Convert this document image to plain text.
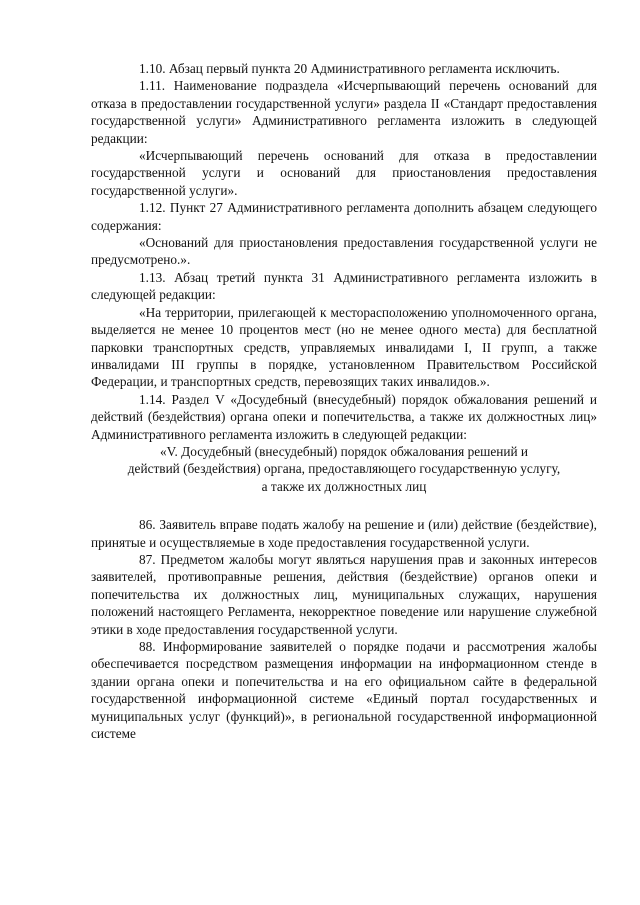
1.10. Абзац первый пункта 20 Административного регламента исключить.

1.11. Наименование подраздела «Исчерпывающий перечень оснований для отказа в предоставлении государственной услуги» раздела II «Стандарт предоставления государственной услуги» Административного регламента изложить в следующей редакции:

«Исчерпывающий перечень оснований для отказа в предоставлении государственной услуги и оснований для приостановления предоставления государственной услуги».

1.12. Пункт 27 Административного регламента дополнить абзацем следующего содержания:

«Оснований для приостановления предоставления государственной услуги не предусмотрено.».

1.13. Абзац третий пункта 31 Административного регламента изложить в следующей редакции:

«На территории, прилегающей к месторасположению уполномоченного органа, выделяется не менее 10 процентов мест (но не менее одного места) для бесплатной парковки транспортных средств, управляемых инвалидами I, II групп, а также инвалидами III группы в порядке, установленном Правительством Российской Федерации, и транспортных средств, перевозящих таких инвалидов.».

1.14. Раздел V «Досудебный (внесудебный) порядок обжалования решений и действий (бездействия) органа опеки и попечительства, а также их должностных лиц» Административного регламента изложить в следующей редакции:

«V. Досудебный (внесудебный) порядок обжалования решений и

действий (бездействия) органа, предоставляющего государственную услугу,

а также их должностных лиц

86. Заявитель вправе подать жалобу на решение и (или) действие (бездействие), принятые и осуществляемые в ходе предоставления государственной услуги.

87. Предметом жалобы могут являться нарушения прав и законных интересов заявителей, противоправные решения, действия (бездействие) органов опеки и попечительства их должностных лиц, муниципальных служащих, нарушения положений настоящего Регламента, некорректное поведение или нарушение служебной этики в ходе предоставления государственной услуги.

88. Информирование заявителей о порядке подачи и рассмотрения жалобы обеспечивается посредством размещения информации на информационном стенде в здании органа опеки и попечительства и на его официальном сайте в федеральной государственной информационной системе «Единый портал государственных и муниципальных услуг (функций)», в региональной государственной информационной системе
